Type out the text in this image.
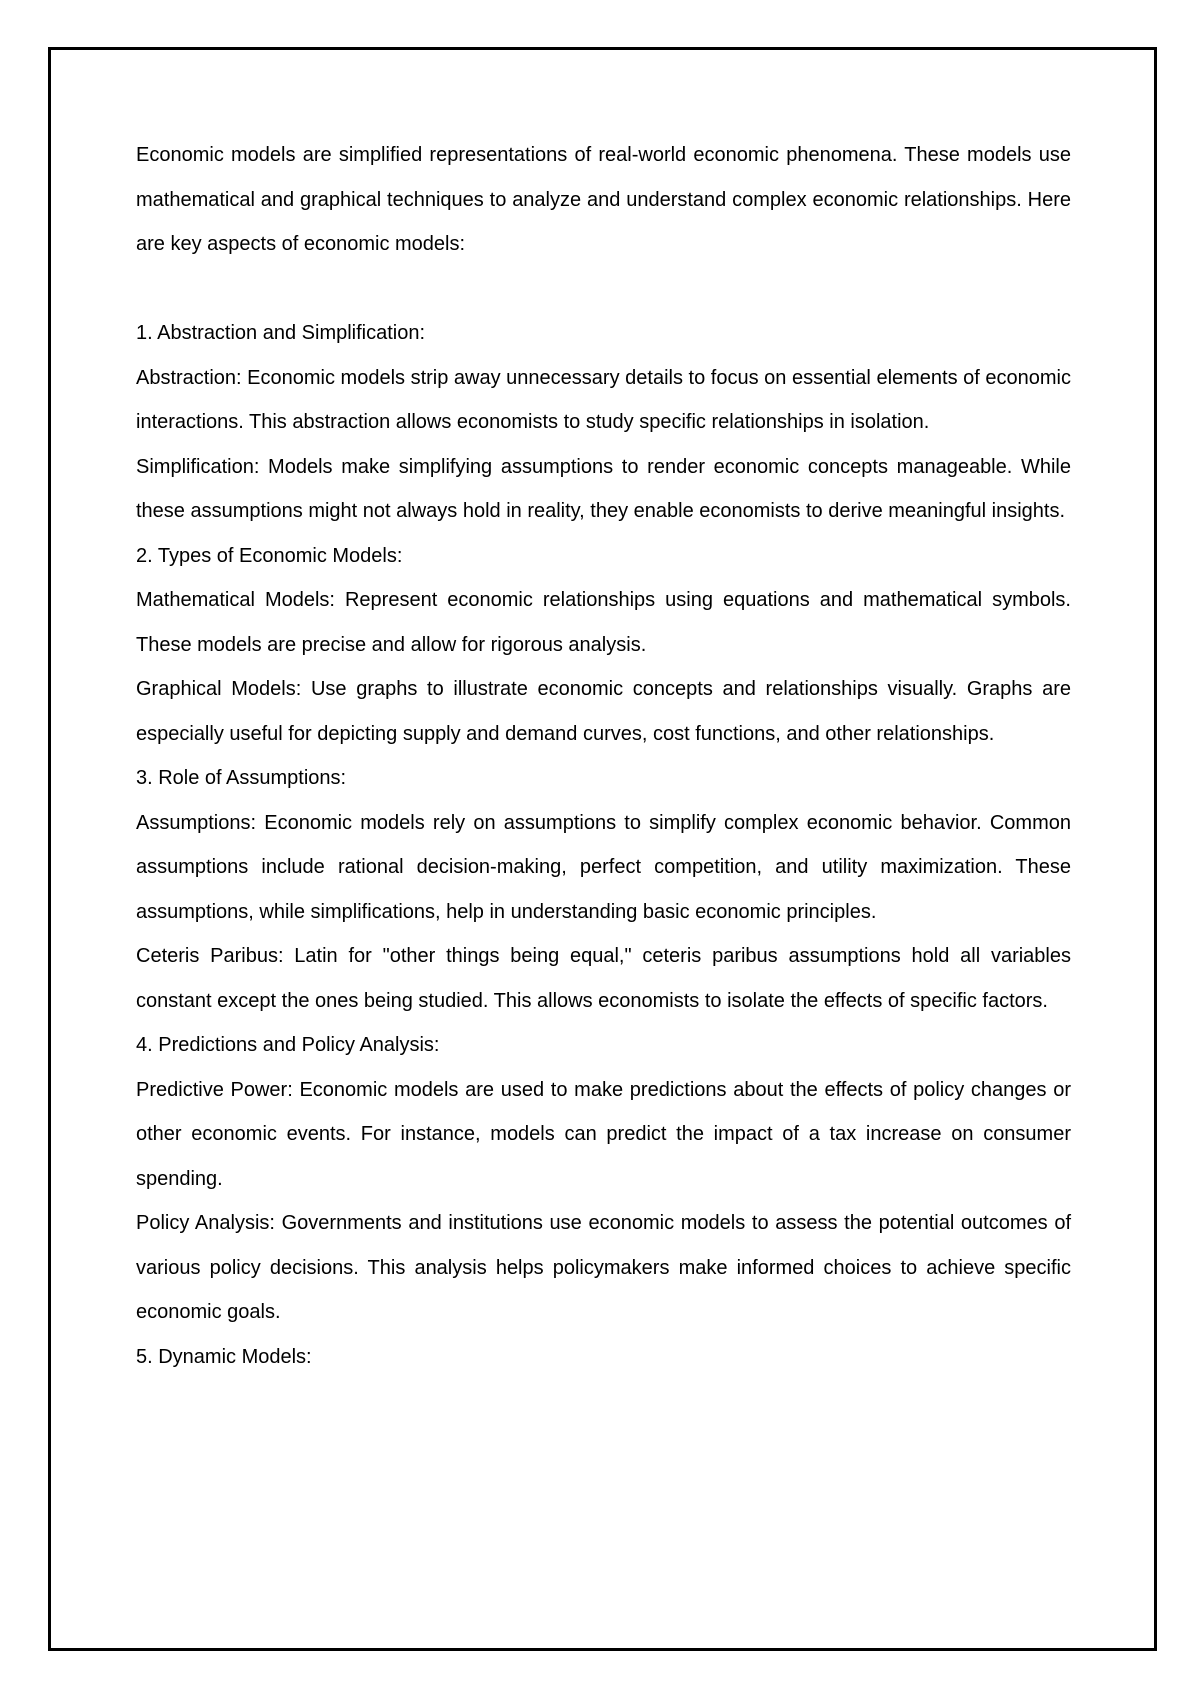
Economic models are simplified representations of real-world economic phenomena. These models use mathematical and graphical techniques to analyze and understand complex economic relationships. Here are key aspects of economic models:

1. Abstraction and Simplification:

Abstraction: Economic models strip away unnecessary details to focus on essential elements of economic interactions. This abstraction allows economists to study specific relationships in isolation.

Simplification: Models make simplifying assumptions to render economic concepts manageable. While these assumptions might not always hold in reality, they enable economists to derive meaningful insights.

2. Types of Economic Models:

Mathematical Models: Represent economic relationships using equations and mathematical symbols. These models are precise and allow for rigorous analysis.

Graphical Models: Use graphs to illustrate economic concepts and relationships visually. Graphs are especially useful for depicting supply and demand curves, cost functions, and other relationships.

3. Role of Assumptions:

Assumptions: Economic models rely on assumptions to simplify complex economic behavior. Common assumptions include rational decision-making, perfect competition, and utility maximization. These assumptions, while simplifications, help in understanding basic economic principles.

Ceteris Paribus: Latin for "other things being equal," ceteris paribus assumptions hold all variables constant except the ones being studied. This allows economists to isolate the effects of specific factors.

4. Predictions and Policy Analysis:

Predictive Power: Economic models are used to make predictions about the effects of policy changes or other economic events. For instance, models can predict the impact of a tax increase on consumer spending.

Policy Analysis: Governments and institutions use economic models to assess the potential outcomes of various policy decisions. This analysis helps policymakers make informed choices to achieve specific economic goals.

5. Dynamic Models:
